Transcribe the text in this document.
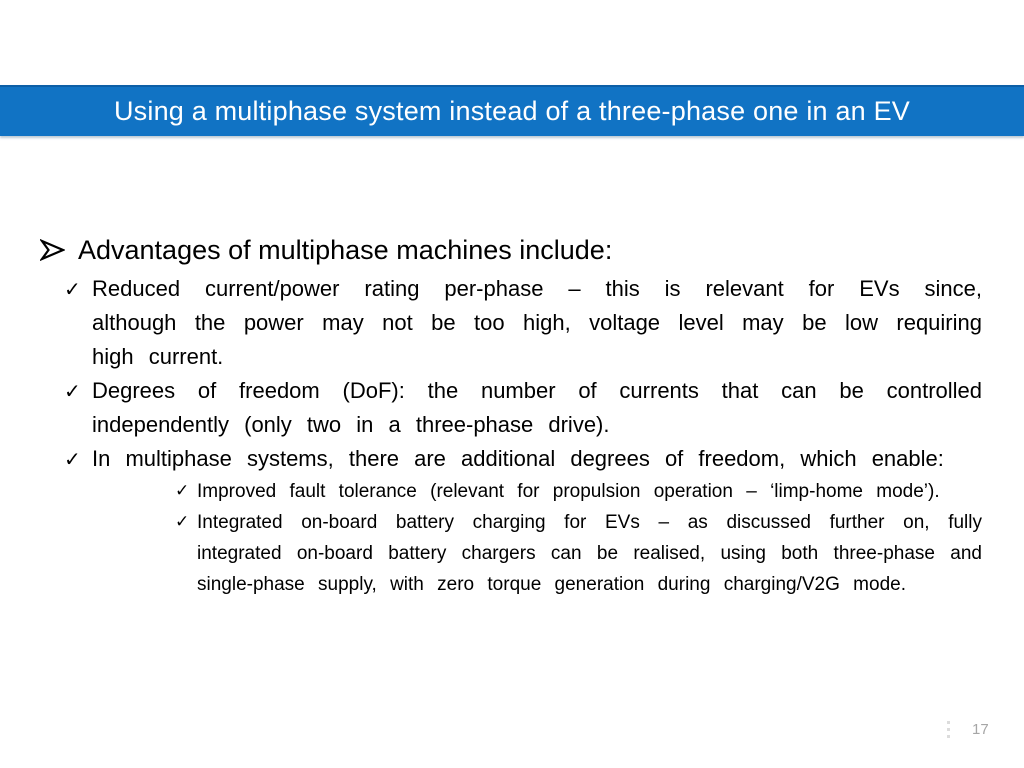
Using a multiphase system instead of a three-phase one in an EV
Advantages of multiphase machines include:
✓ Reduced current/power rating per-phase – this is relevant for EVs since, although the power may not be too high, voltage level may be low requiring high current.
✓ Degrees of freedom (DoF): the number of currents that can be controlled independently (only two in a three-phase drive).
✓ In multiphase systems, there are additional degrees of freedom, which enable:
✓ Improved fault tolerance (relevant for propulsion operation – ‘limp-home mode’).
✓ Integrated on-board battery charging for EVs – as discussed further on, fully integrated on-board battery chargers can be realised, using both three-phase and single-phase supply, with zero torque generation during charging/V2G mode.
17
